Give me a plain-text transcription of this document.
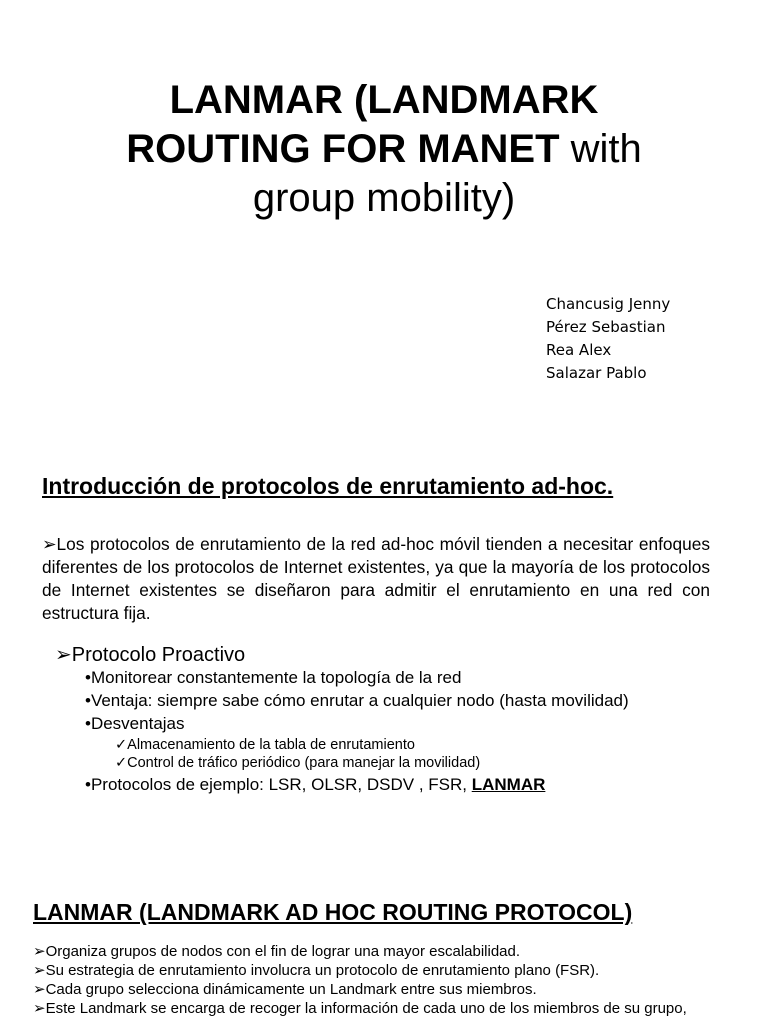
LANMAR (LANDMARK
ROUTING FOR MANET with
group mobility)
Chancusig Jenny
Pérez Sebastian
Rea Alex
Salazar Pablo
Introducción de protocolos de enrutamiento ad-hoc.
➢Los protocolos de enrutamiento de la red ad-hoc móvil tienden a necesitar enfoques diferentes de los protocolos de Internet existentes, ya que la mayoría de los protocolos de Internet existentes se diseñaron para admitir el enrutamiento en una red con estructura fija.
➢Protocolo Proactivo
•Monitorear constantemente la topología de la red
•Ventaja: siempre sabe cómo enrutar a cualquier nodo (hasta movilidad)
•Desventajas
✓Almacenamiento de la tabla de enrutamiento
✓Control de tráfico periódico (para manejar la movilidad)
•Protocolos de ejemplo: LSR, OLSR, DSDV , FSR, LANMAR
LANMAR (LANDMARK AD HOC ROUTING PROTOCOL)
➢Organiza grupos de nodos con el fin de lograr una mayor escalabilidad.
➢Su estrategia de enrutamiento involucra un protocolo de enrutamiento plano (FSR).
➢Cada grupo selecciona dinámicamente un Landmark entre sus miembros.
➢Este Landmark se encarga de recoger la información de cada uno de los miembros de su grupo,
